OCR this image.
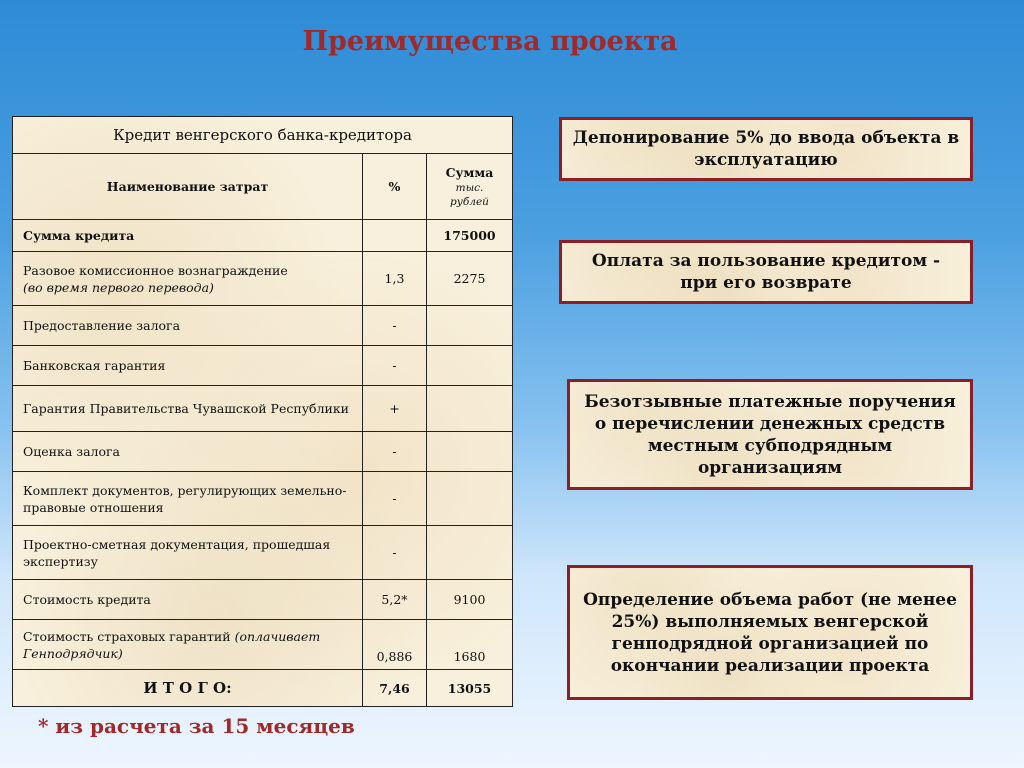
Преимущества проекта
Кредит венгерского банка-кредитора		
Наименование затрат	%	Сумма
тыс. рублей

Сумма кредита		175000
Разовое комиссионное вознаграждение
(во время первого перевода)	1,3	2275
Предоставление залога	-	
Банковская гарантия	-	
Гарантия Правительства Чувашской Республики	+	
Оценка залога	-	
Комплект документов, регулирующих земельно-правовые отношения	-	
Проектно-сметная документация, прошедшая экспертизу	-	
Стоимость кредита	5,2*	9100
Стоимость страховых гарантий (оплачивает Генподрядчик)	0,886	1680
И Т О Г О:	7,46	13055
* из расчета за 15 месяцев
Депонирование 5% до ввода объекта в эксплуатацию
Оплата за пользование кредитом - при его возврате
Безотзывные платежные поручения о перечислении денежных средств местным субподрядным организациям
Определение объема работ (не менее 25%) выполняемых венгерской генподрядной организацией по окончании реализации проекта
